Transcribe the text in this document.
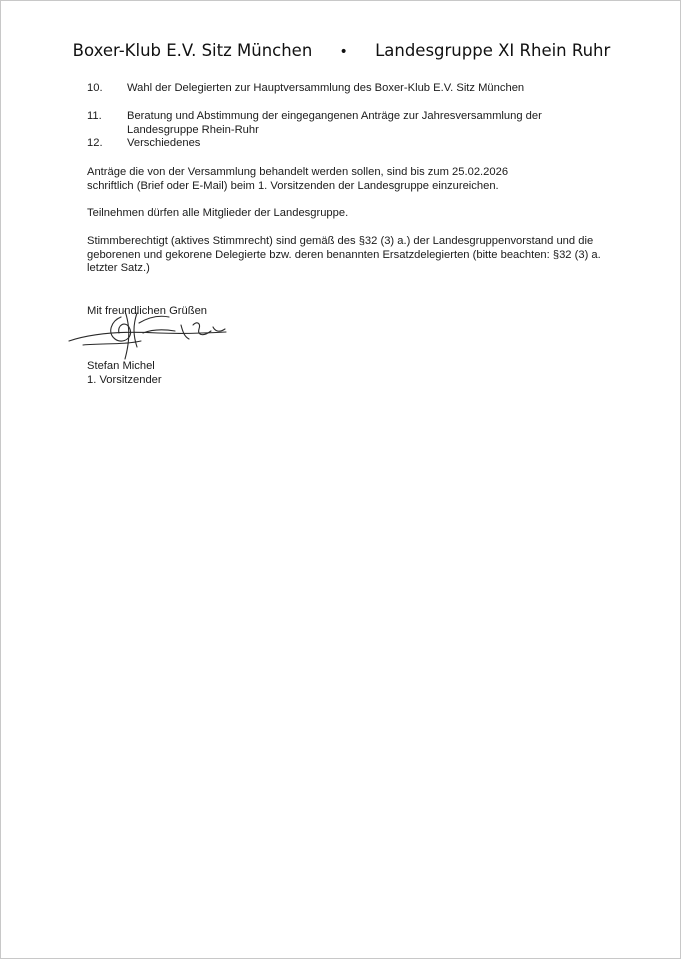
Boxer-Klub E.V. Sitz München • Landesgruppe XI Rhein Ruhr
10. Wahl der Delegierten zur Hauptversammlung des Boxer-Klub E.V. Sitz München
11. Beratung und Abstimmung der eingegangenen Anträge zur Jahresversammlung der Landesgruppe Rhein-Ruhr
12. Verschiedenes
Anträge die von der Versammlung behandelt werden sollen, sind bis zum 25.02.2026 schriftlich (Brief oder E-Mail) beim 1. Vorsitzenden der Landesgruppe einzureichen.
Teilnehmen dürfen alle Mitglieder der Landesgruppe.
Stimmberechtigt (aktives Stimmrecht) sind gemäß des §32 (3) a.) der Landesgruppenvorstand und die geborenen und gekorene Delegierte bzw. deren benannten Ersatzdelegierten (bitte beachten: §32 (3) a. letzter Satz.)
Mit freundlichen Grüßen
Stefan Michel
1. Vorsitzender
